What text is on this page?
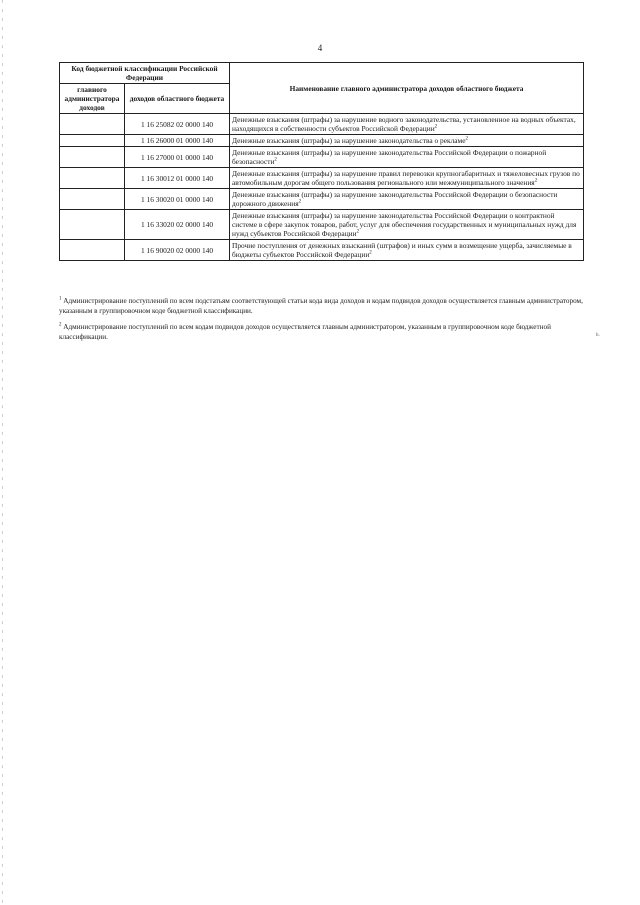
4
Код бюджетной классификации Российской Федерации		Наименование главного администратора доходов областного бюджета
главного администратора доходов	доходов областного бюджета	
	1 16 25082 02 0000 140	Денежные взыскания (штрафы) за нарушение водного законодательства, установленное на водных объектах, находящихся в собственности субъектов Российской Федерации$^2$
	1 16 26000 01 0000 140	Денежные взыскания (штрафы) за нарушение законодательства о рекламе$^2$
	1 16 27000 01 0000 140	Денежные взыскания (штрафы) за нарушение законодательства Российской Федерации о пожарной безопасности$^2$
	1 16 30012 01 0000 140	Денежные взыскания (штрафы) за нарушение правил перевозки крупногабаритных и тяжеловесных грузов по автомобильным дорогам общего пользования регионального или межмуниципального значения$^2$
	1 16 30020 01 0000 140	Денежные взыскания (штрафы) за нарушение законодательства Российской Федерации о безопасности дорожного движения$^2$
	1 16 33020 02 0000 140	Денежные взыскания (штрафы) за нарушение законодательства Российской Федерации о контрактной системе в сфере закупок товаров, работ, услуг для обеспечения государственных и муниципальных нужд для нужд субъектов Российской Федерации$^2$
	1 16 90020 02 0000 140	Прочие поступления от денежных взысканий (штрафов) и иных сумм в возмещение ущерба, зачисляемые в бюджеты субъектов Российской Федерации$^2$

$^1$ Администрирование поступлений по всем подстатьям соответствующей статьи кода вида доходов и кодам подвидов доходов осуществляется главным администратором, указанным в группировочном коде бюджетной классификации.

$^2$ Администрирование поступлений по всем кодам подвидов доходов осуществляется главным администратором, указанным в группировочном коде бюджетной классификации.	b.
